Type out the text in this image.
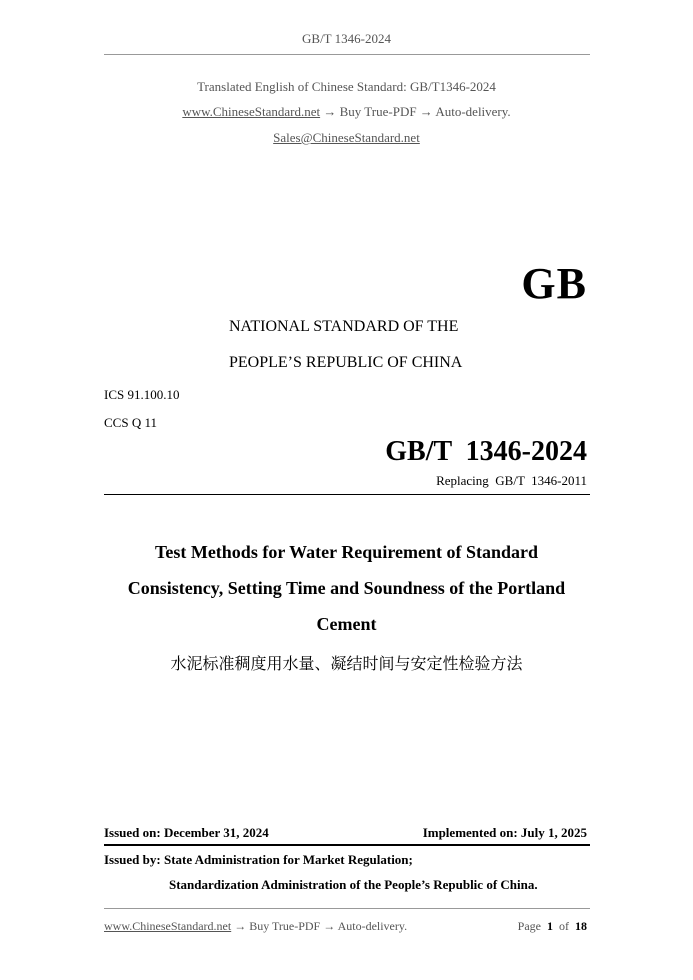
GB/T 1346-2024
Translated English of Chinese Standard: GB/T1346-2024
www.ChineseStandard.net → Buy True-PDF → Auto-delivery.
Sales@ChineseStandard.net
GB
NATIONAL STANDARD OF THE
PEOPLE’S REPUBLIC OF CHINA
ICS 91.100.10
CCS Q 11
GB/T  1346-2024
Replacing  GB/T  1346-2011
Test Methods for Water Requirement of Standard
Consistency, Setting Time and Soundness of the Portland
Cement
水泥标准稠度用水量、凝结时间与安定性检验方法
Issued on: December 31, 2024	Implemented on: July 1, 2025
Issued by: State Administration for Market Regulation;
Standardization Administration of the People’s Republic of China.
www.ChineseStandard.net → Buy True-PDF → Auto-delivery.	Page 1 of 18
